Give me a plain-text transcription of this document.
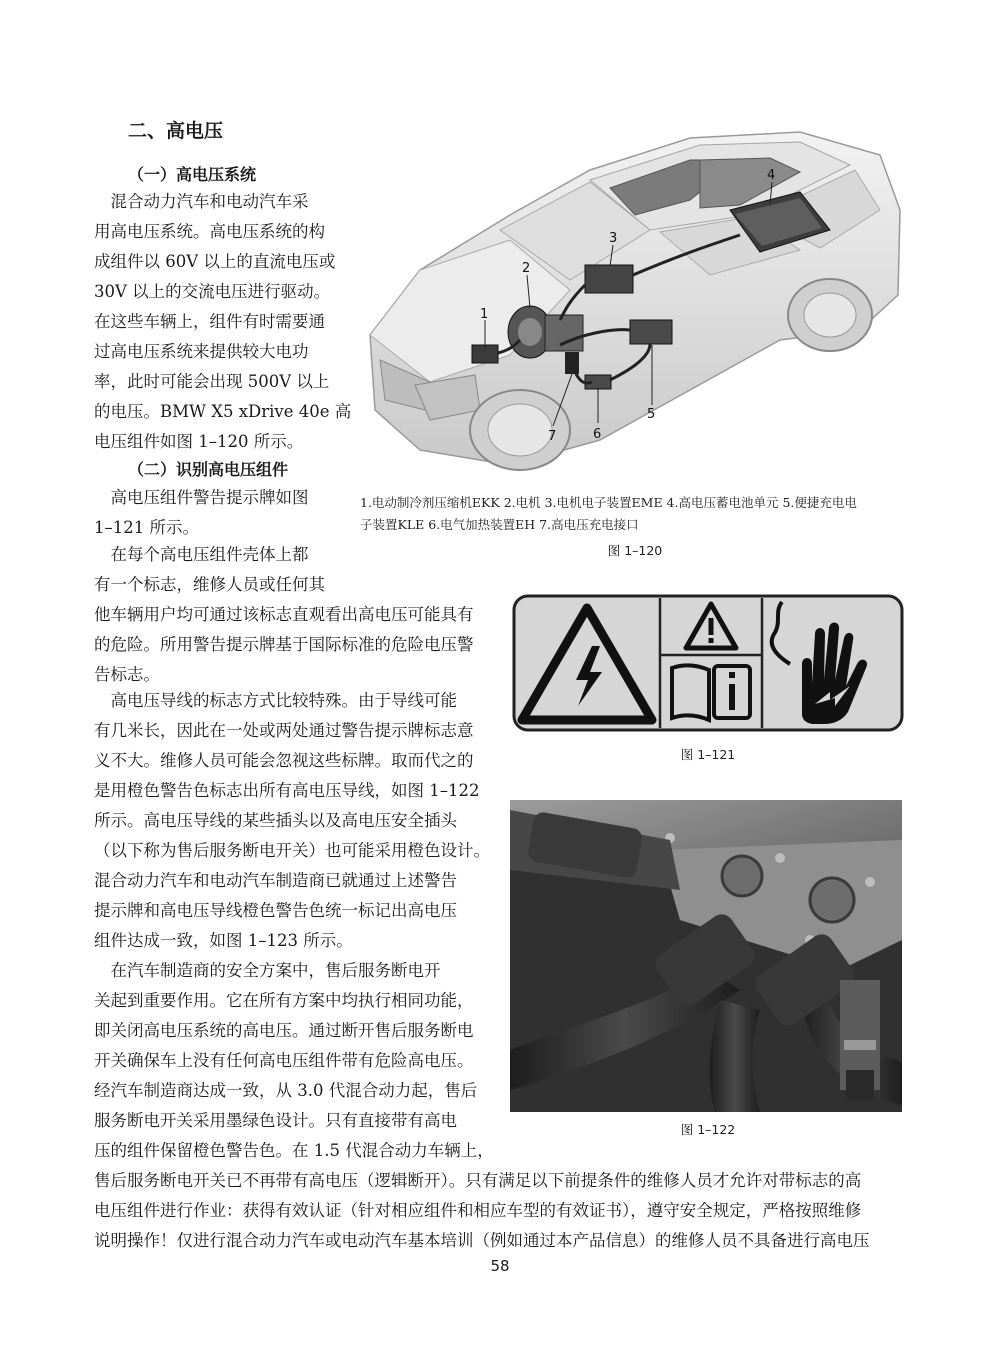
二、高电压
（一）高电压系统
　混合动力汽车和电动汽车采
用高电压系统。高电压系统的构
成组件以 60V 以上的直流电压或
30V 以上的交流电压进行驱动。
在这些车辆上，组件有时需要通
过高电压系统来提供较大电功
率，此时可能会出现 500V 以上
的电压。BMW X5 xDrive 40e 高
电压组件如图 1–120 所示。
（二）识别高电压组件
　高电压组件警告提示牌如图
1–121 所示。
　在每个高电压组件壳体上都
有一个标志，维修人员或任何其
他车辆用户均可通过该标志直观看出高电压可能具有
的危险。所用警告提示牌基于国际标准的危险电压警
告标志。
　高电压导线的标志方式比较特殊。由于导线可能
有几米长，因此在一处或两处通过警告提示牌标志意
义不大。维修人员可能会忽视这些标牌。取而代之的
是用橙色警告色标志出所有高电压导线，如图 1–122
所示。高电压导线的某些插头以及高电压安全插头
（以下称为售后服务断电开关）也可能采用橙色设计。
混合动力汽车和电动汽车制造商已就通过上述警告
提示牌和高电压导线橙色警告色统一标记出高电压
组件达成一致，如图 1–123 所示。
　在汽车制造商的安全方案中，售后服务断电开
关起到重要作用。它在所有方案中均执行相同功能，
即关闭高电压系统的高电压。通过断开售后服务断电
开关确保车上没有任何高电压组件带有危险高电压。
经汽车制造商达成一致，从 3.0 代混合动力起，售后
服务断电开关采用墨绿色设计。只有直接带有高电
压的组件保留橙色警告色。在 1.5 代混合动力车辆上，
售后服务断电开关已不再带有高电压（逻辑断开）。只有满足以下前提条件的维修人员才允许对带标志的高
电压组件进行作业：获得有效认证（针对相应组件和相应车型的有效证书），遵守安全规定，严格按照维修
说明操作！仅进行混合动力汽车或电动汽车基本培训（例如通过本产品信息）的维修人员不具备进行高电压
1
2
3
4
5
6
7
1.电动制冷剂压缩机EKK 2.电机 3.电机电子装置EME 4.高电压蓄电池单元 5.便捷充电电
子装置KLE 6.电气加热装置EH 7.高电压充电接口
图 1–120
图 1–121
图 1–122
58
